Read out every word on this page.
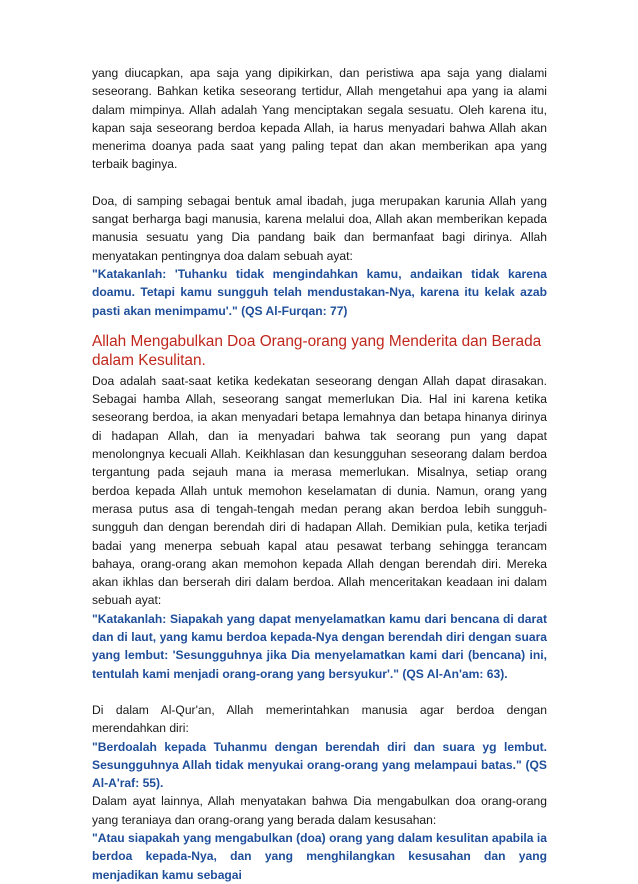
yang diucapkan, apa saja yang dipikirkan, dan peristiwa apa saja yang dialami seseorang. Bahkan ketika seseorang tertidur, Allah mengetahui apa yang ia alami dalam mimpinya. Allah adalah Yang menciptakan segala sesuatu. Oleh karena itu, kapan saja seseorang berdoa kepada Allah, ia harus menyadari bahwa Allah akan menerima doanya pada saat yang paling tepat dan akan memberikan apa yang terbaik baginya.

Doa, di samping sebagai bentuk amal ibadah, juga merupakan karunia Allah yang sangat berharga bagi manusia, karena melalui doa, Allah akan memberikan kepada manusia sesuatu yang Dia pandang baik dan bermanfaat bagi dirinya. Allah menyatakan pentingnya doa dalam sebuah ayat:

"Katakanlah: 'Tuhanku tidak mengindahkan kamu, andaikan tidak karena doamu. Tetapi kamu sungguh telah mendustakan-Nya, karena itu kelak azab pasti akan menimpamu'." (QS Al-Furqan: 77)

Allah Mengabulkan Doa Orang-orang yang Menderita dan Berada dalam Kesulitan.

Doa adalah saat-saat ketika kedekatan seseorang dengan Allah dapat dirasakan. Sebagai hamba Allah, seseorang sangat memerlukan Dia. Hal ini karena ketika seseorang berdoa, ia akan menyadari betapa lemahnya dan betapa hinanya dirinya di hadapan Allah, dan ia menyadari bahwa tak seorang pun yang dapat menolongnya kecuali Allah. Keikhlasan dan kesungguhan seseorang dalam berdoa tergantung pada sejauh mana ia merasa memerlukan. Misalnya, setiap orang berdoa kepada Allah untuk memohon keselamatan di dunia. Namun, orang yang merasa putus asa di tengah-tengah medan perang akan berdoa lebih sungguh-sungguh dan dengan berendah diri di hadapan Allah. Demikian pula, ketika terjadi badai yang menerpa sebuah kapal atau pesawat terbang sehingga terancam bahaya, orang-orang akan memohon kepada Allah dengan berendah diri. Mereka akan ikhlas dan berserah diri dalam berdoa. Allah menceritakan keadaan ini dalam sebuah ayat:

"Katakanlah: Siapakah yang dapat menyelamatkan kamu dari bencana di darat dan di laut, yang kamu berdoa kepada-Nya dengan berendah diri dengan suara yang lembut: 'Sesungguhnya jika Dia menyelamatkan kami dari (bencana) ini, tentulah kami menjadi orang-orang yang bersyukur'." (QS Al-An'am: 63).

Di dalam Al-Qur'an, Allah memerintahkan manusia agar berdoa dengan merendahkan diri:

"Berdoalah kepada Tuhanmu dengan berendah diri dan suara yg lembut. Sesungguhnya Allah tidak menyukai orang-orang yang melampaui batas." (QS Al-A'raf: 55).

Dalam ayat lainnya, Allah menyatakan bahwa Dia mengabulkan doa orang-orang yang teraniaya dan orang-orang yang berada dalam kesusahan:

"Atau siapakah yang mengabulkan (doa) orang yang dalam kesulitan apabila ia berdoa kepada-Nya, dan yang menghilangkan kesusahan dan yang menjadikan kamu sebagai
